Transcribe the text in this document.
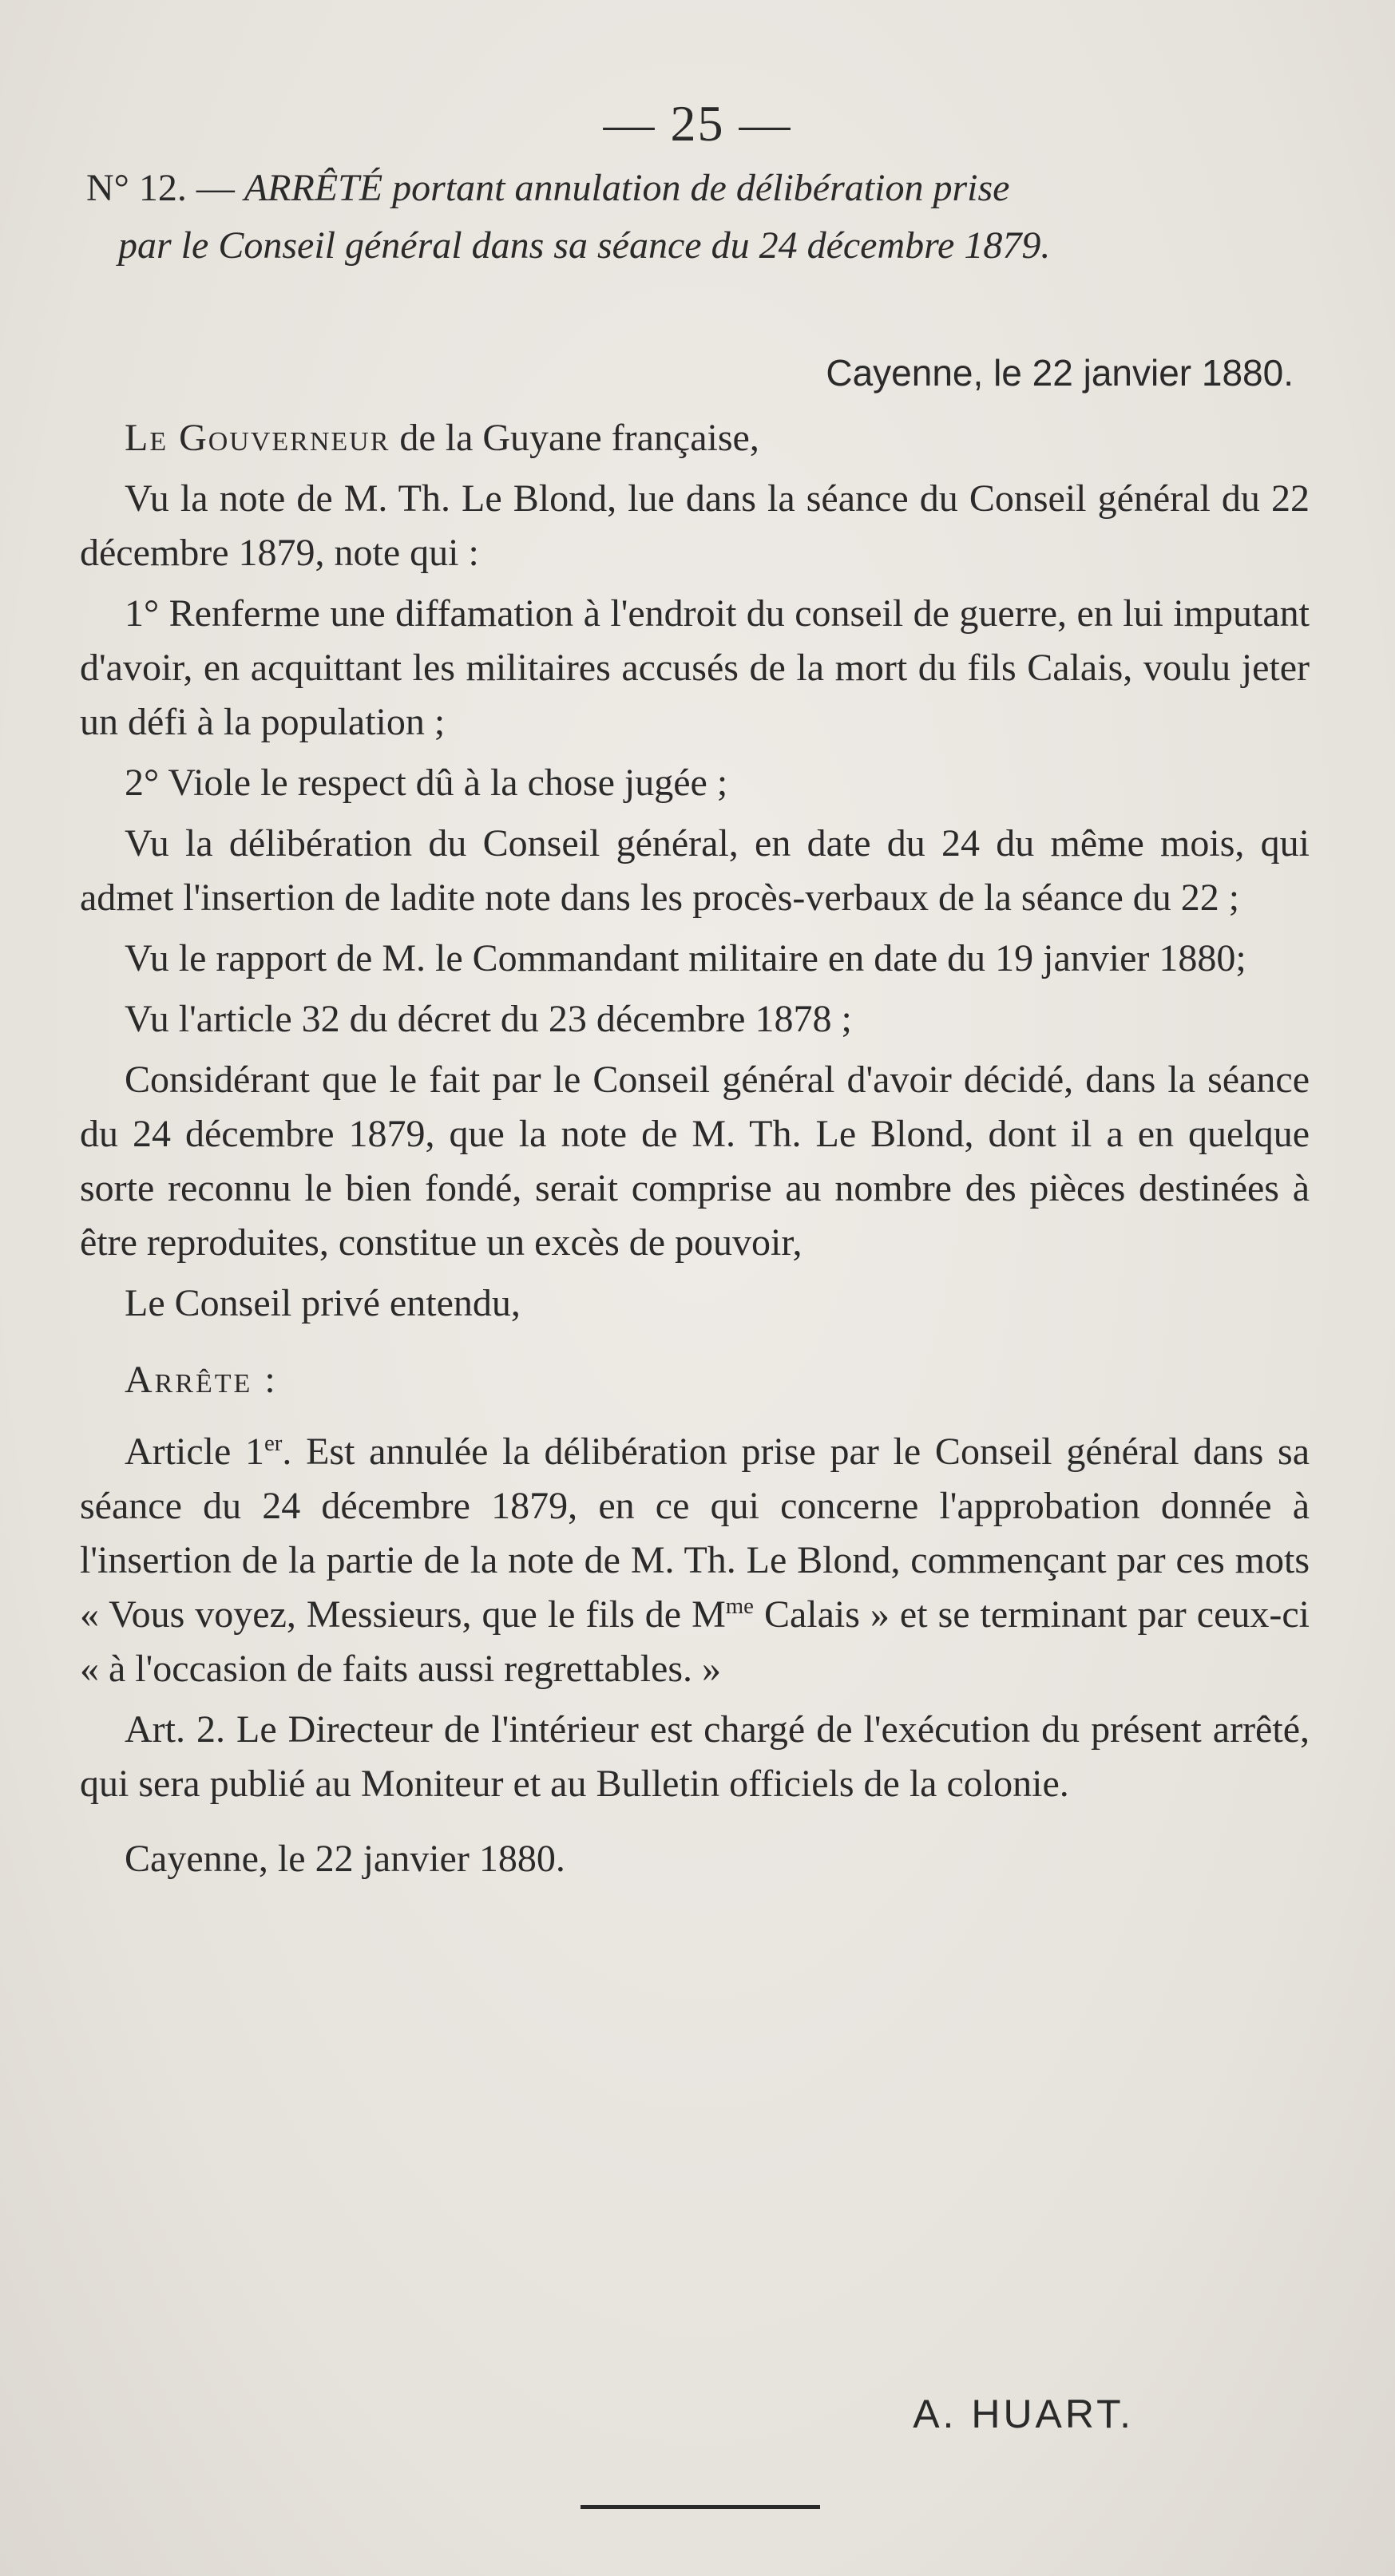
— 25 —
N° 12. — ARRÊTÉ portant annulation de délibération prise
par le Conseil général dans sa séance du 24 décembre 1879.
Cayenne, le 22 janvier 1880.

Le Gouverneur de la Guyane française,

Vu la note de M. Th. Le Blond, lue dans la séance du Conseil général du 22 décembre 1879, note qui :

1° Renferme une diffamation à l'endroit du conseil de guerre, en lui imputant d'avoir, en acquittant les militaires accusés de la mort du fils Calais, voulu jeter un défi à la population ;

2° Viole le respect dû à la chose jugée ;

Vu la délibération du Conseil général, en date du 24 du même mois, qui admet l'insertion de ladite note dans les procès-verbaux de la séance du 22 ;

Vu le rapport de M. le Commandant militaire en date du 19 janvier 1880;

Vu l'article 32 du décret du 23 décembre 1878 ;

Considérant que le fait par le Conseil général d'avoir décidé, dans la séance du 24 décembre 1879, que la note de M. Th. Le Blond, dont il a en quelque sorte reconnu le bien fondé, serait comprise au nombre des pièces destinées à être reproduites, constitue un excès de pouvoir,

Le Conseil privé entendu,

Arrête :

Article 1er. Est annulée la délibération prise par le Conseil général dans sa séance du 24 décembre 1879, en ce qui concerne l'approbation donnée à l'insertion de la partie de la note de M. Th. Le Blond, commençant par ces mots « Vous voyez, Messieurs, que le fils de $M^{me}$ Calais » et se terminant par ceux-ci « à l'occasion de faits aussi regrettables. »

Art. 2. Le Directeur de l'intérieur est chargé de l'exécution du présent arrêté, qui sera publié au Moniteur et au Bulletin officiels de la colonie.

Cayenne, le 22 janvier 1880.

A. HUART.
